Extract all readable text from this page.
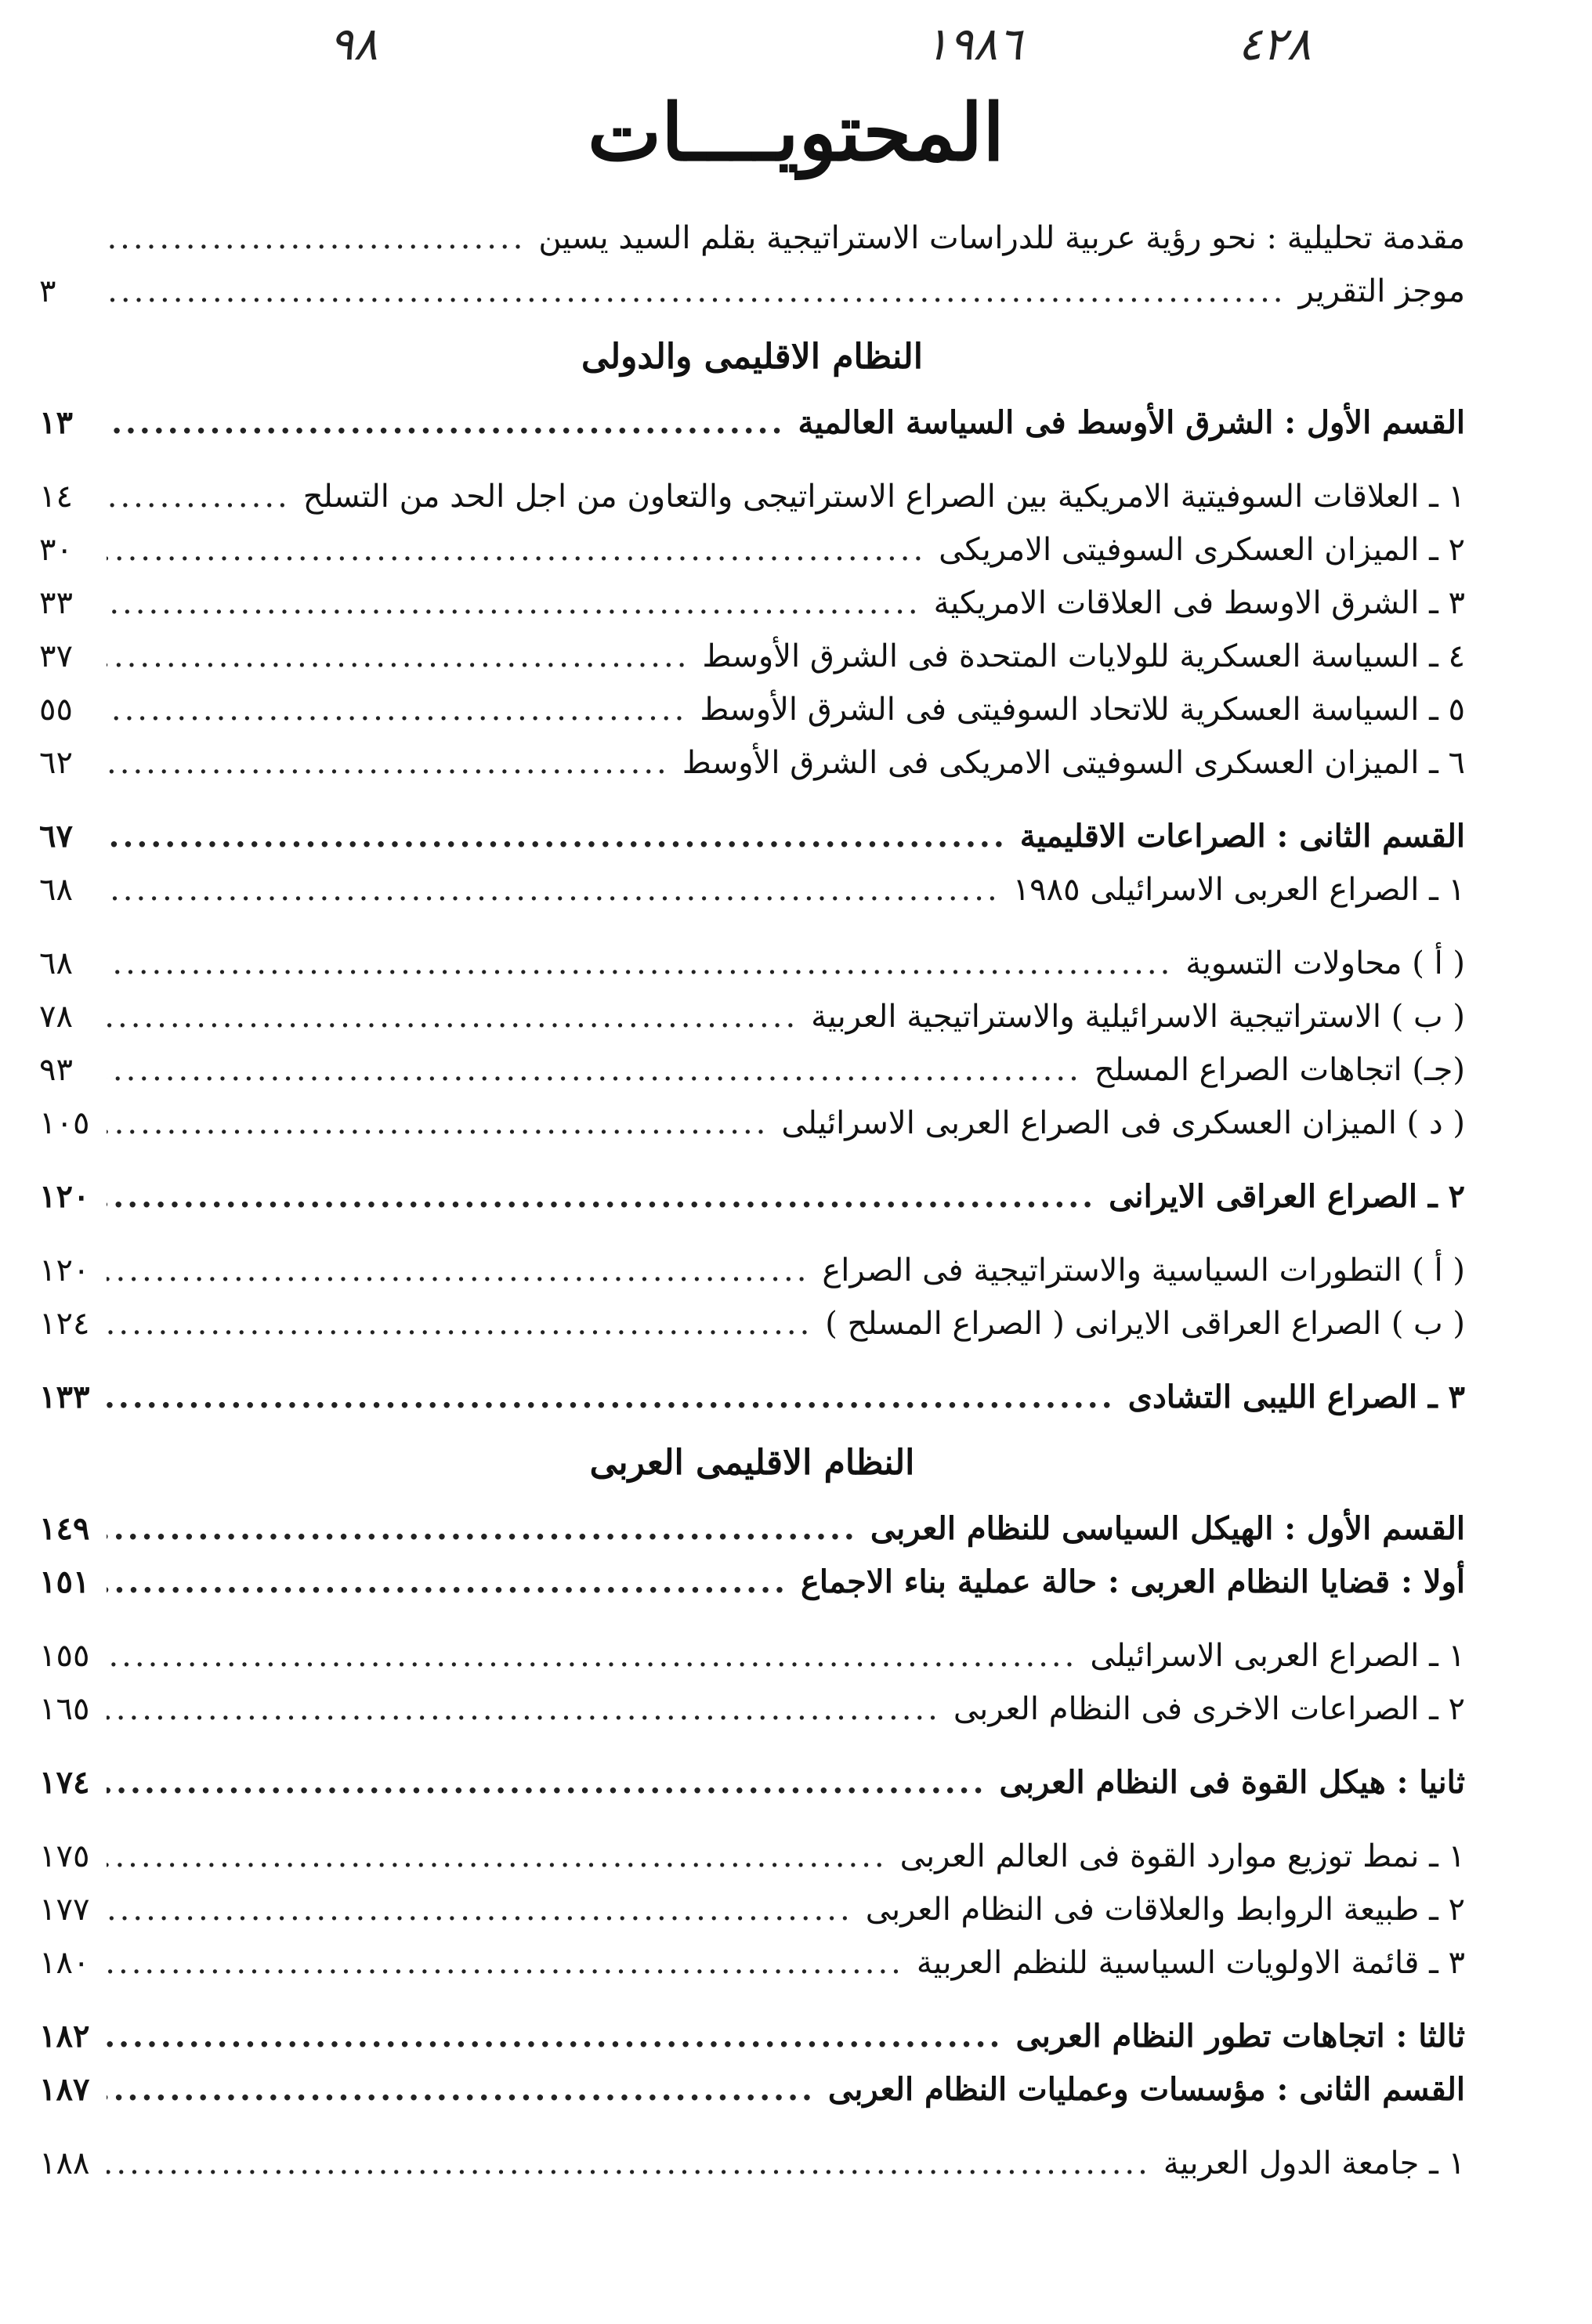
٩٨	١٩٨٦	٤٢٨
المحتويــــات
مقدمة تحليلية : نحو رؤية عربية للدراسات الاستراتيجية بقلم السيد يسين
.....
موجز التقرير
.....
٣
النظام الاقليمى والدولى
القسم الأول : الشرق الأوسط فى السياسة العالمية
.....
١٣
١ ـ العلاقات السوفيتية الامريكية بين الصراع الاستراتيجى والتعاون من اجل الحد من التسلح
.....
١٤
٢ ـ الميزان العسكرى السوفيتى الامريكى
.....
٣٠
٣ ـ الشرق الاوسط فى العلاقات الامريكية
.....
٣٣
٤ ـ السياسة العسكرية للولايات المتحدة فى الشرق الأوسط
.....
٣٧
٥ ـ السياسة العسكرية للاتحاد السوفيتى فى الشرق الأوسط
.....
٥٥
٦ ـ الميزان العسكرى السوفيتى الامريكى فى الشرق الأوسط
.....
٦٢
القسم الثانى : الصراعات الاقليمية
.....
٦٧
١ ـ الصراع العربى الاسرائيلى ١٩٨٥
.....
٦٨
( أ ) محاولات التسوية
.....
٦٨
( ب ) الاستراتيجية الاسرائيلية والاستراتيجية العربية
.....
٧٨
(جـ) اتجاهات الصراع المسلح
.....
٩٣
( د ) الميزان العسكرى فى الصراع العربى الاسرائيلى
.....
١٠٥
٢ ـ الصراع العراقى الايرانى
.....
١٢٠
( أ ) التطورات السياسية والاستراتيجية فى الصراع
.....
١٢٠
( ب ) الصراع العراقى الايرانى ( الصراع المسلح )
.....
١٢٤
٣ ـ الصراع الليبى التشادى
.....
١٣٣
النظام الاقليمى العربى
القسم الأول : الهيكل السياسى للنظام العربى
.....
١٤٩
أولا : قضايا النظام العربى : حالة عملية بناء الاجماع
.....
١٥١
١ ـ الصراع العربى الاسرائيلى
.....
١٥٥
٢ ـ الصراعات الاخرى فى النظام العربى
.....
١٦٥
ثانيا : هيكل القوة فى النظام العربى
.....
١٧٤
١ ـ نمط توزيع موارد القوة فى العالم العربى
.....
١٧٥
٢ ـ طبيعة الروابط والعلاقات فى النظام العربى
.....
١٧٧
٣ ـ قائمة الاولويات السياسية للنظم العربية
.....
١٨٠
ثالثا : اتجاهات تطور النظام العربى
.....
١٨٢
القسم الثانى : مؤسسات وعمليات النظام العربى
.....
١٨٧
١ ـ جامعة الدول العربية
.....
١٨٨
